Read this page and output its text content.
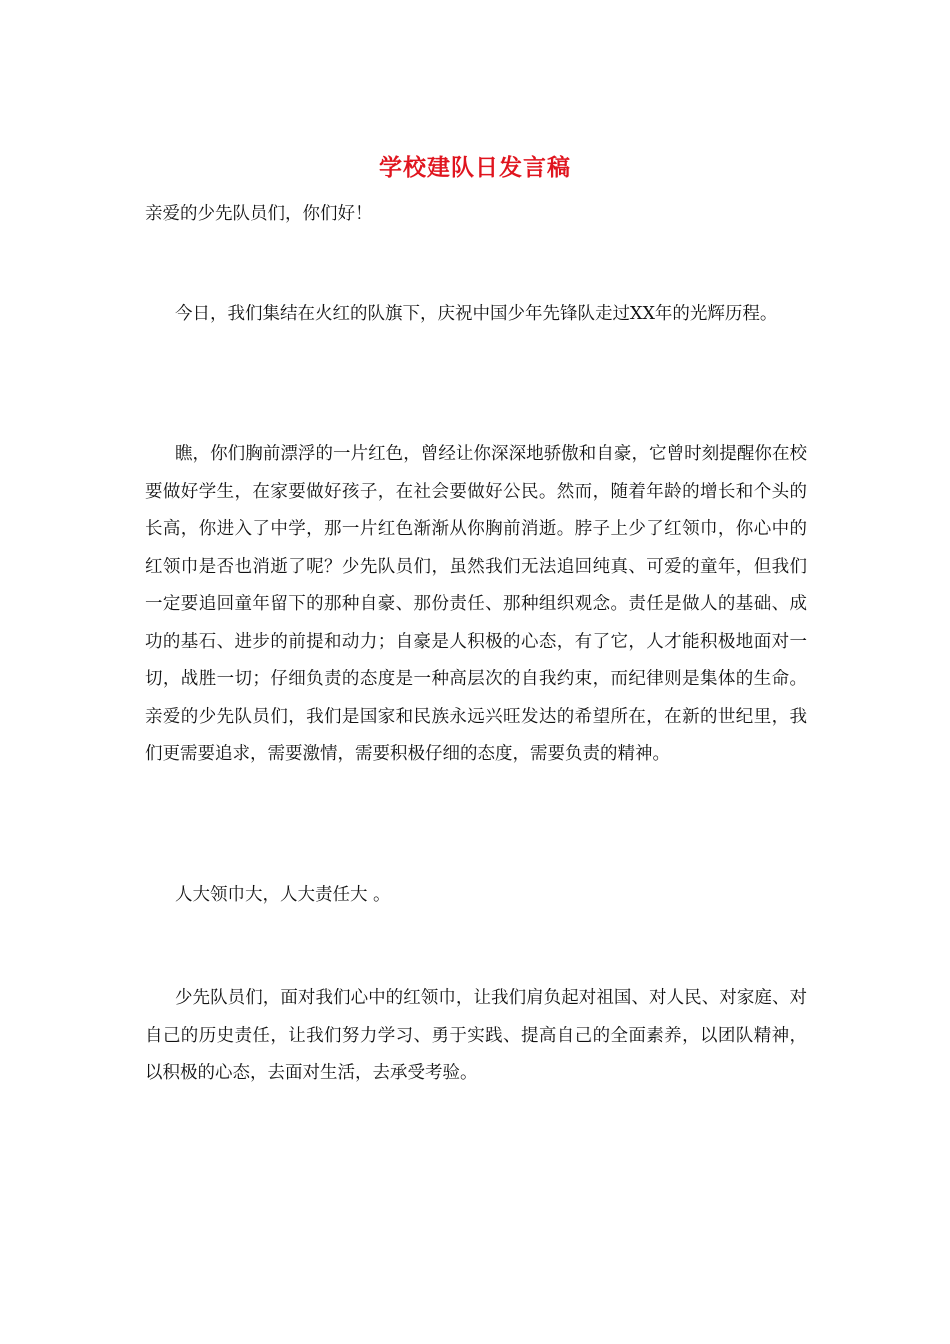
学校建队日发言稿

亲爱的少先队员们，你们好！

今日，我们集结在火红的队旗下，庆祝中国少年先锋队走过XX年的光辉历程。

瞧，你们胸前漂浮的一片红色，曾经让你深深地骄傲和自豪，它曾时刻提醒你在校要做好学生，在家要做好孩子，在社会要做好公民。然而，随着年龄的增长和个头的长高，你进入了中学，那一片红色渐渐从你胸前消逝。脖子上少了红领巾，你心中的红领巾是否也消逝了呢？少先队员们，虽然我们无法追回纯真、可爱的童年，但我们一定要追回童年留下的那种自豪、那份责任、那种组织观念。责任是做人的基础、成功的基石、进步的前提和动力；自豪是人积极的心态，有了它，人才能积极地面对一切，战胜一切；仔细负责的态度是一种高层次的自我约束，而纪律则是集体的生命。亲爱的少先队员们，我们是国家和民族永远兴旺发达的希望所在，在新的世纪里，我们更需要追求，需要激情，需要积极仔细的态度，需要负责的精神。

人大领巾大，人大责任大 。

少先队员们，面对我们心中的红领巾，让我们肩负起对祖国、对人民、对家庭、对自己的历史责任，让我们努力学习、勇于实践、提高自己的全面素养，以团队精神，以积极的心态，去面对生活，去承受考验。
